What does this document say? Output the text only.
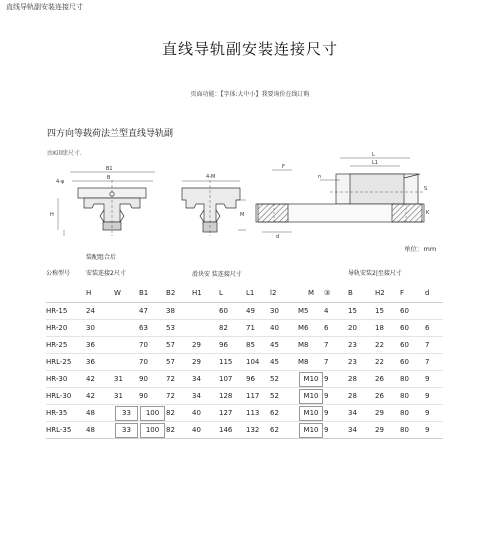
直线导轨副安装连接尺寸
直线导轨副安装连接尺寸
页面功能：【字体:大中小】我要询价在线订购
四方向等载荷法兰型直线导轨副
由Kill肆尺寸.
4-φ
B1
B
H
4-M
M
L
L1
F
n
S
d
K
单位：mm
	装配组合后													
公称型号	安装连接2尺寸				滑块安 装连接尺寸						导轨安装2|至接尺寸			
	H	W	B1	B2	H1	L	L1	l2	M	③	B	H2	F	d
HR-15	24		47	38		60	49	30	M5	4	15	15	60	
HR-20	30		63	53		82	71	40	M6	6	20	18	60	6
HR-25	36		70	57	29	96	85	45	M8	7	23	22	60	7
HRL-25	36		70	57	29	115	104	45	M8	7	23	22	60	7
HR-30	42	31	90	72	34	107	96	52	M10	9	28	26	80	9
HRL-30	42	31	90	72	34	128	117	52	M10	9	28	26	80	9
HR-35	48	33	100	82	40	127	113	62	M10	9	34	29	80	9
HRL-35	48	33	100	82	40	146	132	62	M10	9	34	29	80	9
